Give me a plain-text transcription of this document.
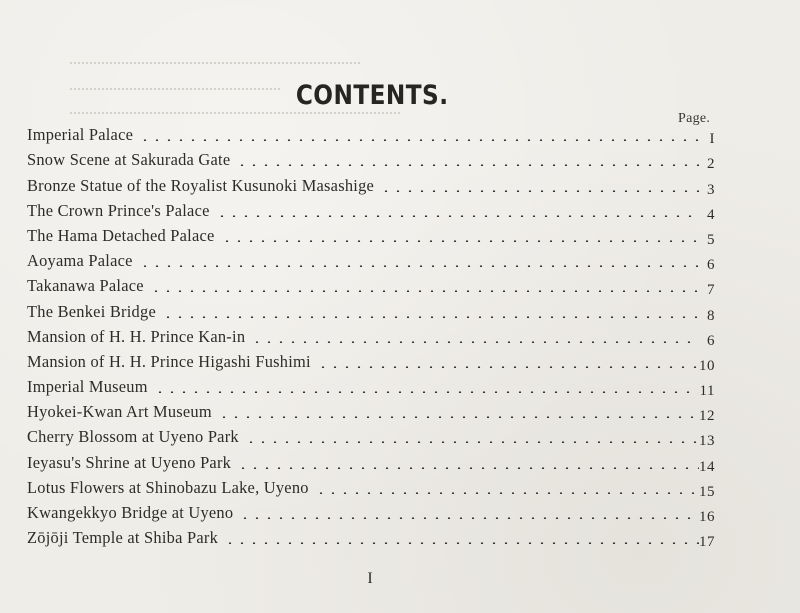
CONTENTS.
Page.
Imperial Palace	I
Snow Scene at Sakurada Gate	2
Bronze Statue of the Royalist Kusunoki Masashige	3
The Crown Prince's Palace	4
The Hama Detached Palace	5
Aoyama Palace	6
Takanawa Palace	7
The Benkei Bridge	8
Mansion of H. H. Prince Kan-in	6
Mansion of H. H. Prince Higashi Fushimi	10
Imperial Museum	11
Hyokei-Kwan Art Museum	12
Cherry Blossom at Uyeno Park	13
Ieyasu's Shrine at Uyeno Park	14
Lotus Flowers at Shinobazu Lake, Uyeno	15
Kwangekkyo Bridge at Uyeno	16
Zōjōji Temple at Shiba Park	17
I
